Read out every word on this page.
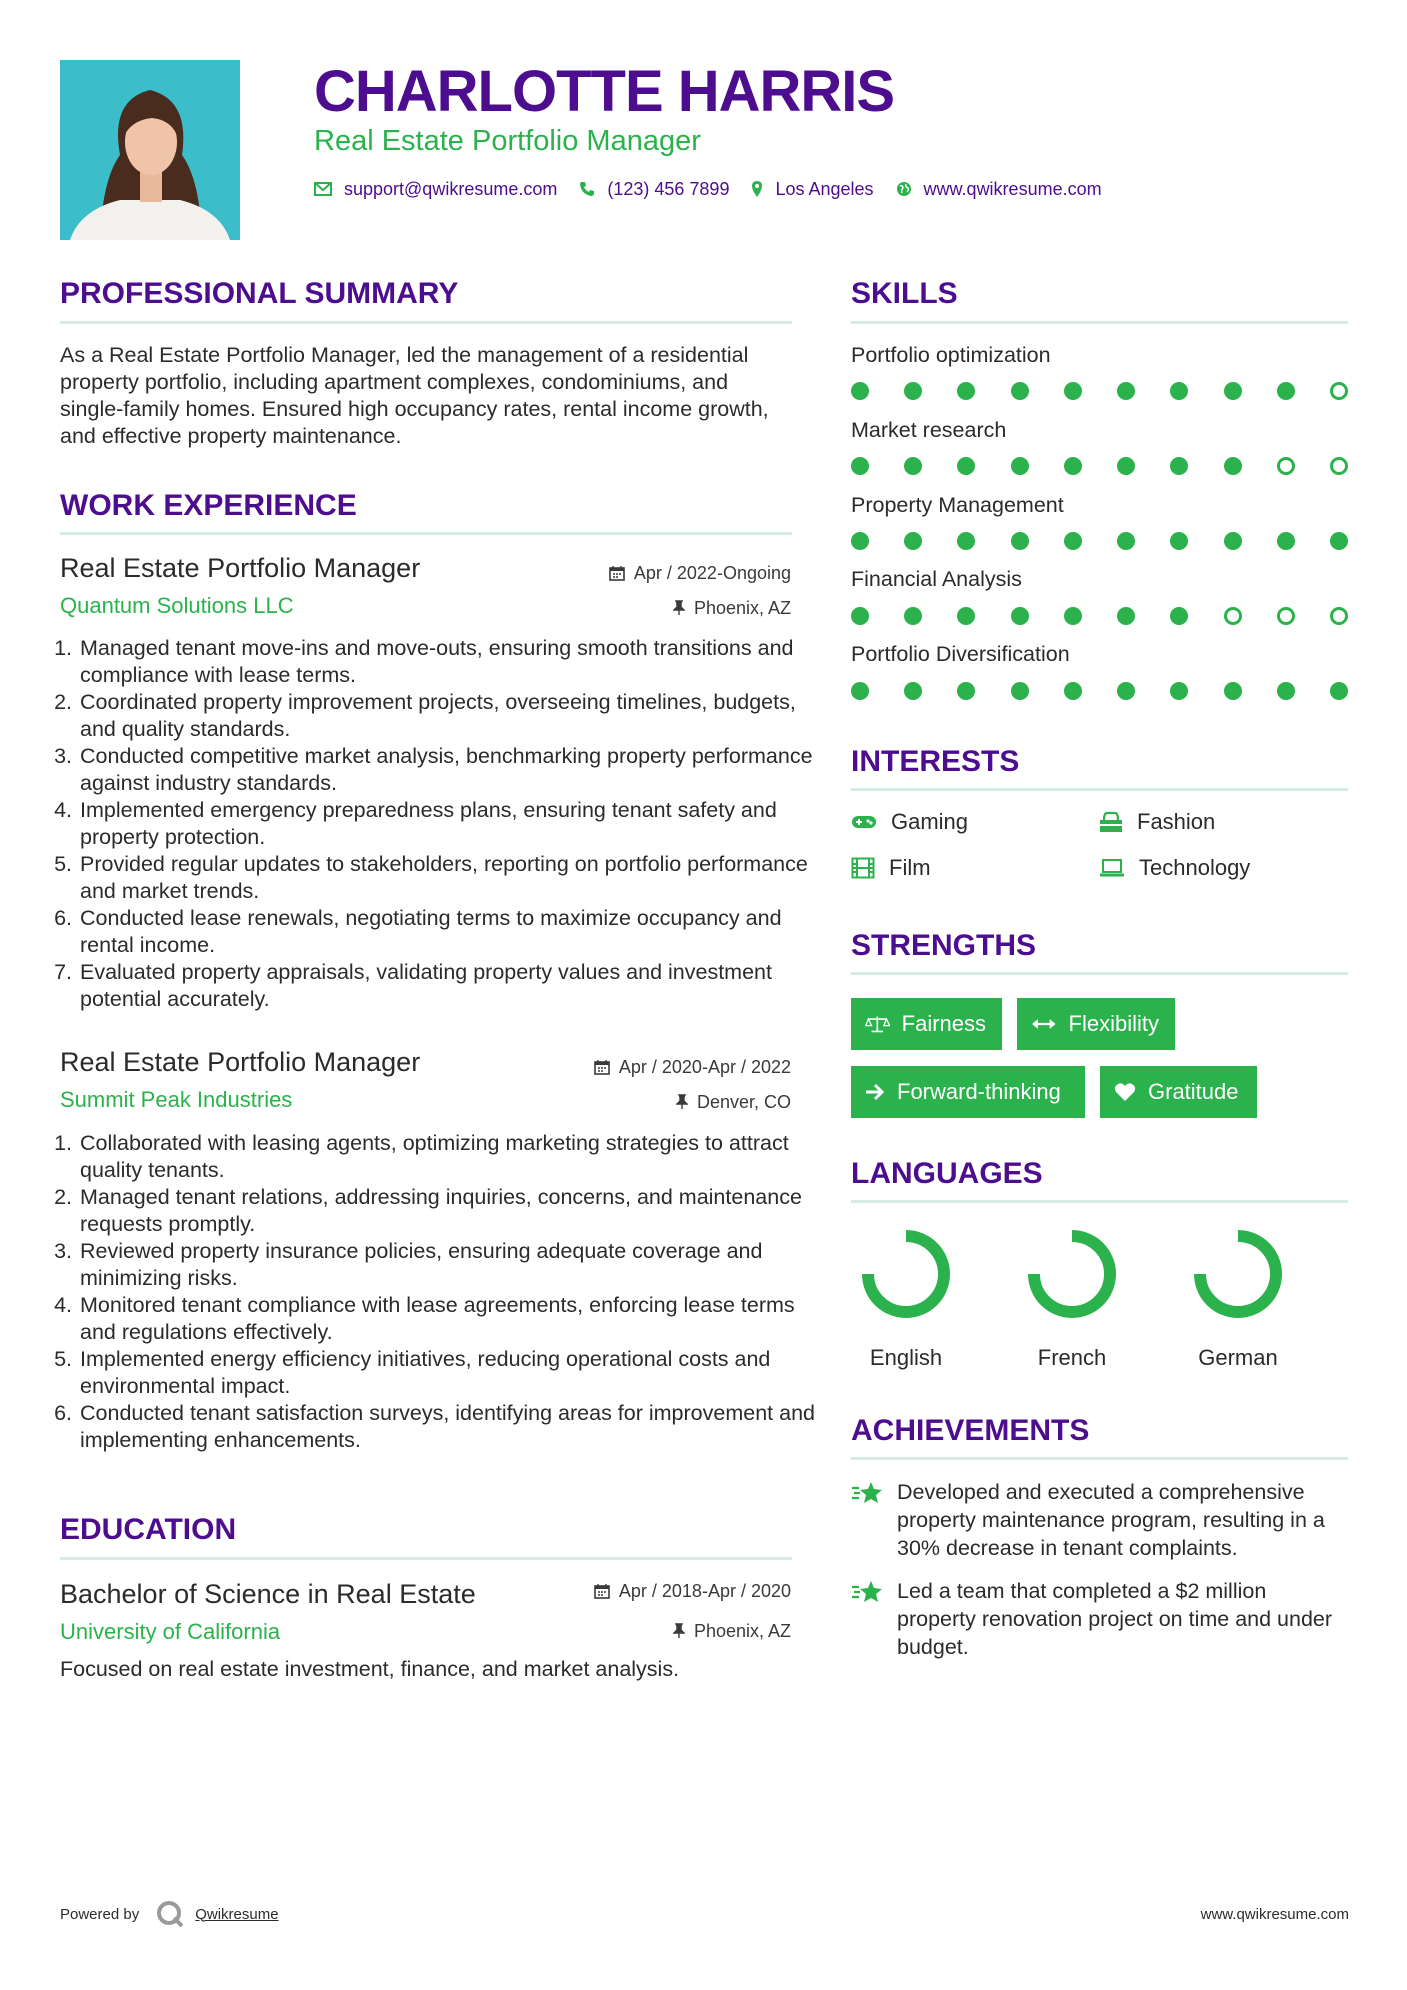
CHARLOTTE HARRIS
Real Estate Portfolio Manager
support@qwikresume.com	(123) 456 7899	Los Angeles	www.qwikresume.com
PROFESSIONAL SUMMARY

As a Real Estate Portfolio Manager, led the management of a residential property portfolio, including apartment complexes, condominiums, and single-family homes. Ensured high occupancy rates, rental income growth, and effective property maintenance.

WORK EXPERIENCE
Real Estate Portfolio Manager	Apr / 2022-Ongoing
Quantum Solutions LLC	Phoenix, AZ
1. Managed tenant move-ins and move-outs, ensuring smooth transitions and compliance with lease terms.
2. Coordinated property improvement projects, overseeing timelines, budgets, and quality standards.
3. Conducted competitive market analysis, benchmarking property performance against industry standards.
4. Implemented emergency preparedness plans, ensuring tenant safety and property protection.
5. Provided regular updates to stakeholders, reporting on portfolio performance and market trends.
6. Conducted lease renewals, negotiating terms to maximize occupancy and rental income.
7. Evaluated property appraisals, validating property values and investment potential accurately.
Real Estate Portfolio Manager	Apr / 2020-Apr / 2022
Summit Peak Industries	Denver, CO
1. Collaborated with leasing agents, optimizing marketing strategies to attract quality tenants.
2. Managed tenant relations, addressing inquiries, concerns, and maintenance requests promptly.
3. Reviewed property insurance policies, ensuring adequate coverage and minimizing risks.
4. Monitored tenant compliance with lease agreements, enforcing lease terms and regulations effectively.
5. Implemented energy efficiency initiatives, reducing operational costs and environmental impact.
6. Conducted tenant satisfaction surveys, identifying areas for improvement and implementing enhancements.
EDUCATION
Bachelor of Science in Real Estate	Apr / 2018-Apr / 2020
University of California	Phoenix, AZ

Focused on real estate investment, finance, and market analysis.

SKILLS
Portfolio optimization
Market research
Property Management
Financial Analysis
Portfolio Diversification
INTERESTS
Gaming	Fashion
Film	Technology
STRENGTHS
Fairness	Flexibility
Forward-thinking	Gratitude
LANGUAGES
English	French	German
ACHIEVEMENTS
Developed and executed a comprehensive property maintenance program, resulting in a 30% decrease in tenant complaints.
Led a team that completed a $2 million property renovation project on time and under budget.
Powered by	Qwikresume	www.qwikresume.com
